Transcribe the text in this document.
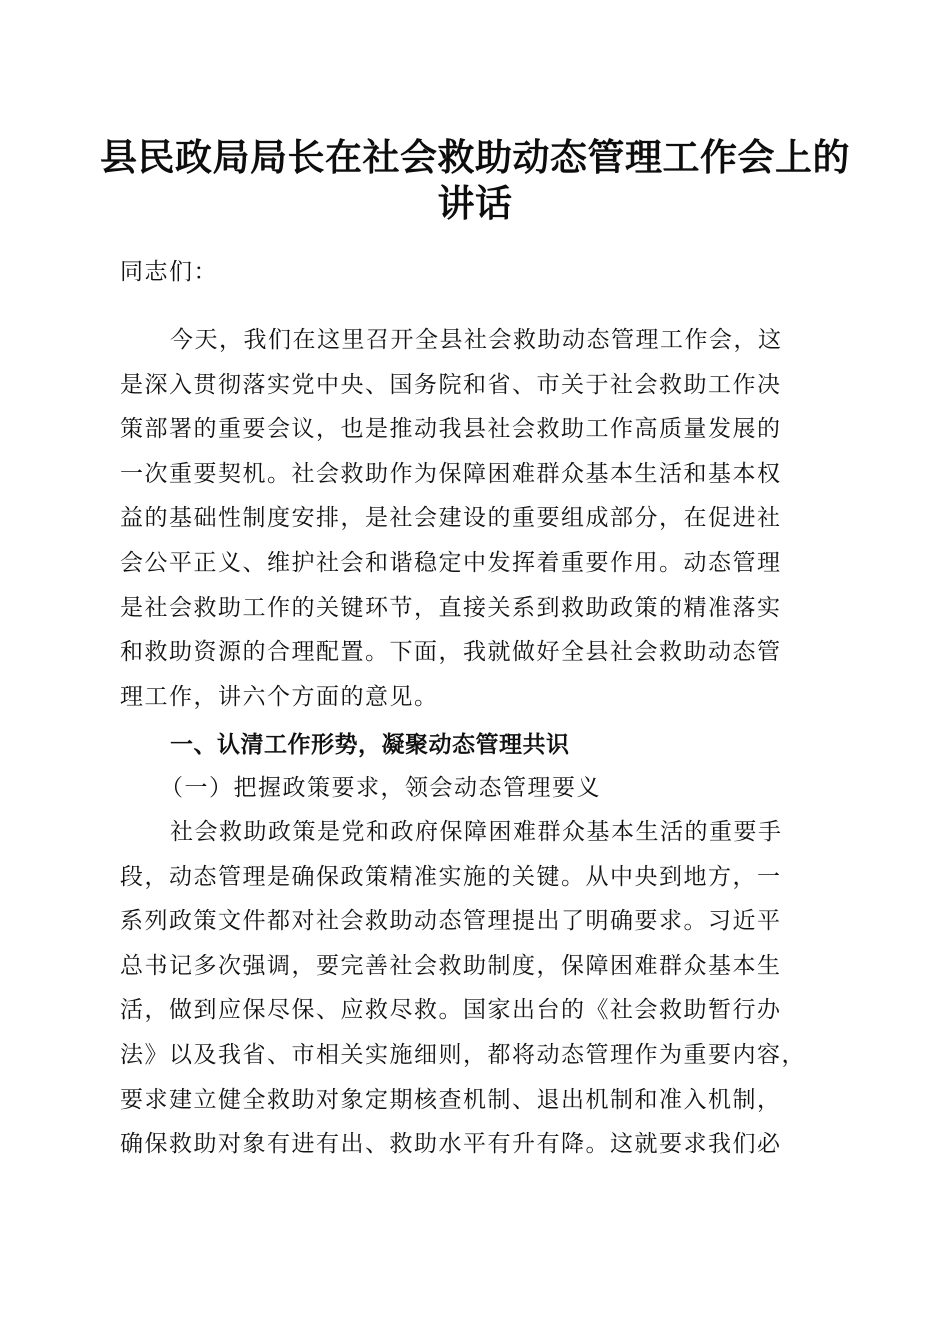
县民政局局长在社会救助动态管理工作会上的
讲话
同志们：
今天，我们在这里召开全县社会救助动态管理工作会，这
是深入贯彻落实党中央、国务院和省、市关于社会救助工作决
策部署的重要会议，也是推动我县社会救助工作高质量发展的
一次重要契机。社会救助作为保障困难群众基本生活和基本权
益的基础性制度安排，是社会建设的重要组成部分，在促进社
会公平正义、维护社会和谐稳定中发挥着重要作用。动态管理
是社会救助工作的关键环节，直接关系到救助政策的精准落实
和救助资源的合理配置。下面，我就做好全县社会救助动态管
理工作，讲六个方面的意见。
一、认清工作形势，凝聚动态管理共识
（一）把握政策要求，领会动态管理要义
社会救助政策是党和政府保障困难群众基本生活的重要手
段，动态管理是确保政策精准实施的关键。从中央到地方，一
系列政策文件都对社会救助动态管理提出了明确要求。习近平
总书记多次强调，要完善社会救助制度，保障困难群众基本生
活，做到应保尽保、应救尽救。国家出台的《社会救助暂行办
法》以及我省、市相关实施细则，都将动态管理作为重要内容，
要求建立健全救助对象定期核查机制、退出机制和准入机制，
确保救助对象有进有出、救助水平有升有降。这就要求我们必
